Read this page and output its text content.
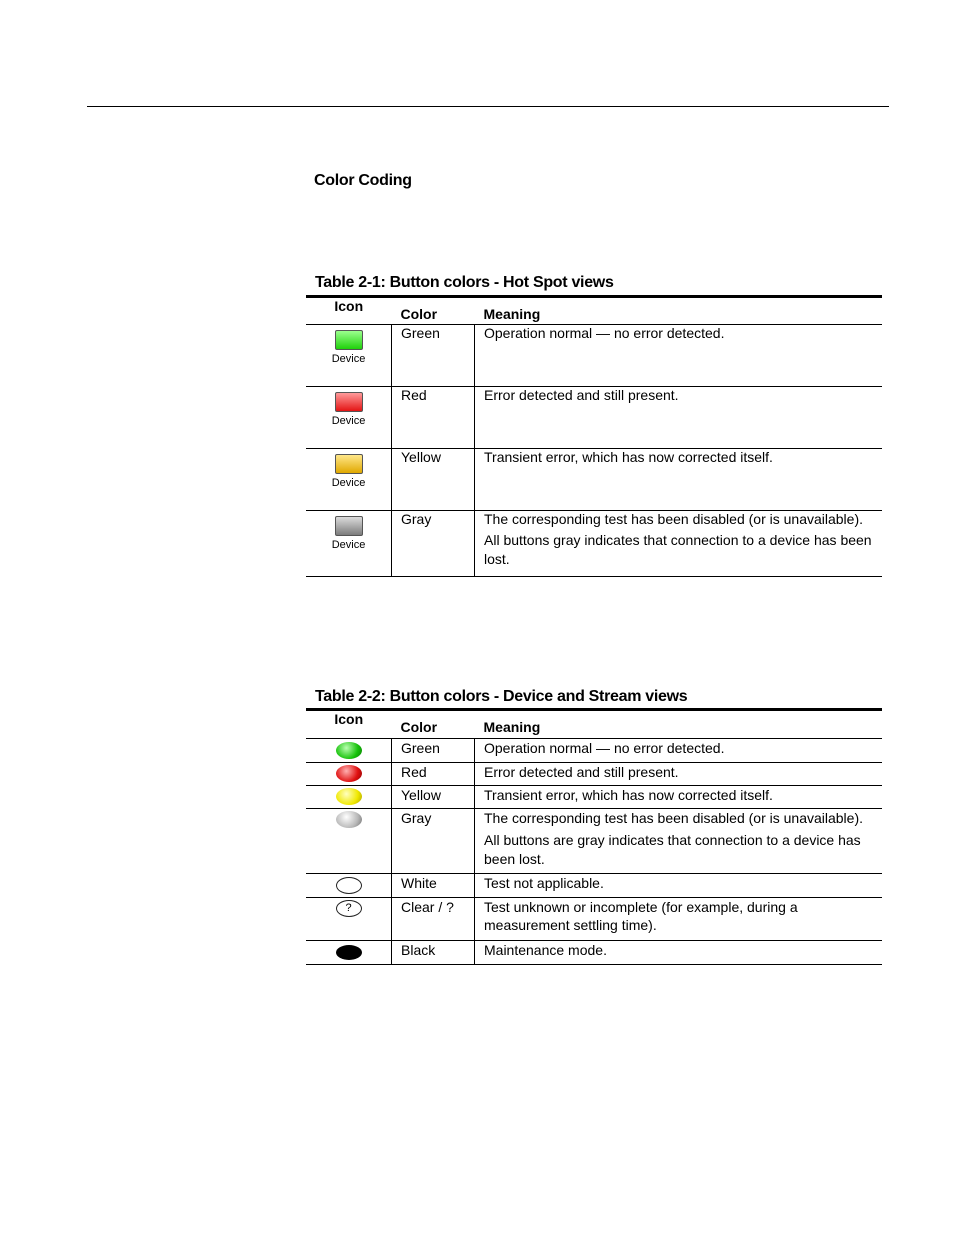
Color Coding
Table 2-1: Button colors - Hot Spot views
Icon	Color	Meaning

Device	Green	Operation normal — no error detected.

Device	Red	Error detected and still present.

Device	Yellow	Transient error, which has now corrected itself.

Device	Gray	The corresponding test has been disabled (or is unavailable).

All buttons gray indicates that connection to a device has been lost.

Table 2-2: Button colors - Device and Stream views
Icon	Color	Meaning

	Green	Operation normal — no error detected.

	Red	Error detected and still present.

	Yellow	Transient error, which has now corrected itself.

	Gray	The corresponding test has been disabled (or is unavailable).

All buttons are gray indicates that connection to a device has been lost.

	White	Test not applicable.

?	Clear / ?	Test unknown or incomplete (for example, during a measurement settling time).

	Black	Maintenance mode.
